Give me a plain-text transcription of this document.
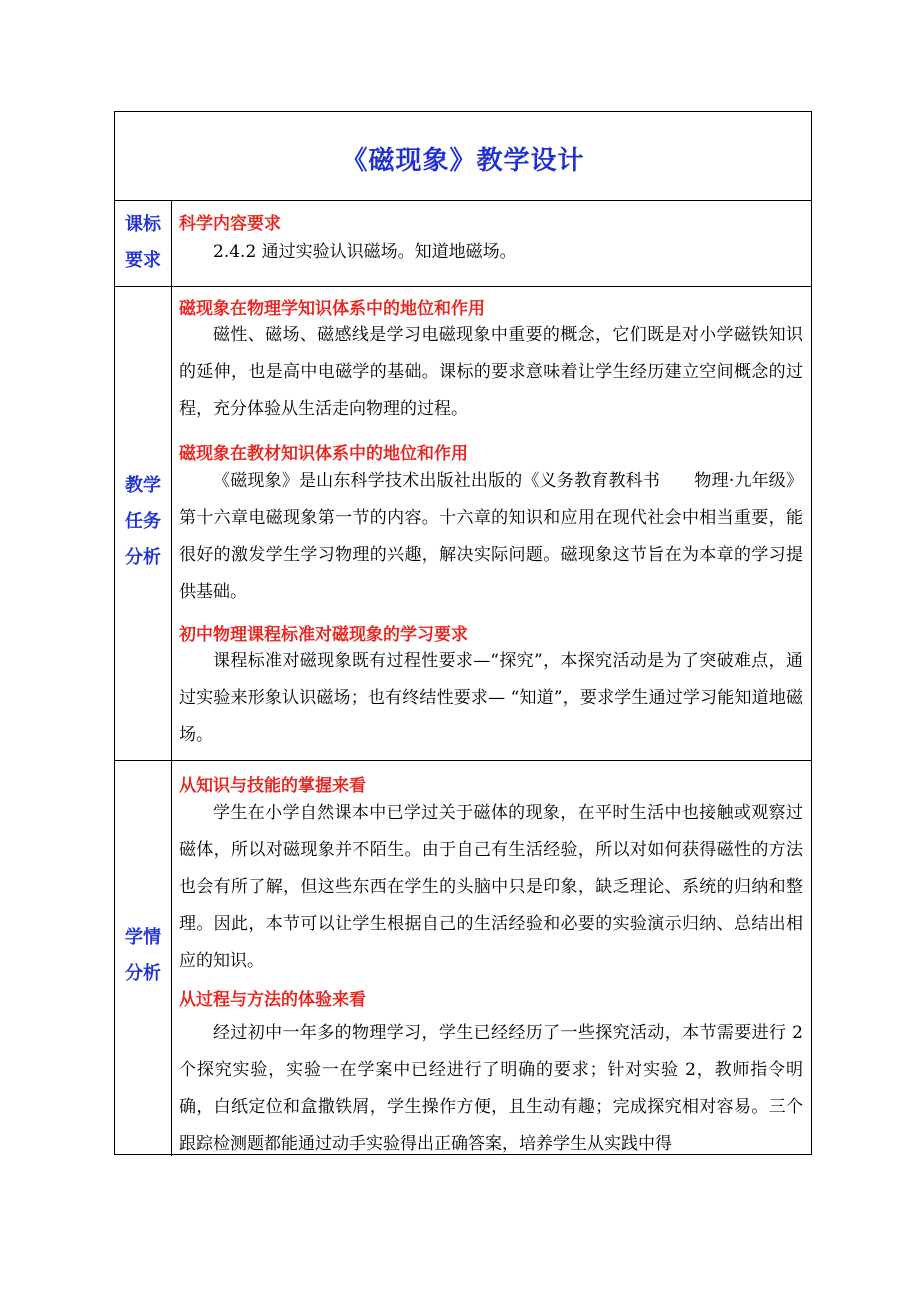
《磁现象》教学设计
课标
要求
科学内容要求
2.4.2 通过实验认识磁场。知道地磁场。
教学
任务
分析
磁现象在物理学知识体系中的地位和作用
磁性、磁场、磁感线是学习电磁现象中重要的概念，它们既是对小学磁铁知识的延伸，也是高中电磁学的基础。课标的要求意味着让学生经历建立空间概念的过程，充分体验从生活走向物理的过程。
磁现象在教材知识体系中的地位和作用
《磁现象》是山东科学技术出版社出版的《义务教育教科书　　物理·九年级》第十六章电磁现象第一节的内容。十六章的知识和应用在现代社会中相当重要，能很好的激发学生学习物理的兴趣，解决实际问题。磁现象这节旨在为本章的学习提供基础。
初中物理课程标准对磁现象的学习要求
课程标准对磁现象既有过程性要求—“探究”，本探究活动是为了突破难点，通过实验来形象认识磁场；也有终结性要求— “知道”，要求学生通过学习能知道地磁场。
学情
分析
从知识与技能的掌握来看
学生在小学自然课本中已学过关于磁体的现象，在平时生活中也接触或观察过磁体，所以对磁现象并不陌生。由于自己有生活经验，所以对如何获得磁性的方法也会有所了解，但这些东西在学生的头脑中只是印象，缺乏理论、系统的归纳和整理。因此，本节可以让学生根据自己的生活经验和必要的实验演示归纳、总结出相应的知识。
从过程与方法的体验来看
经过初中一年多的物理学习，学生已经经历了一些探究活动，本节需要进行 2 个探究实验，实验一在学案中已经进行了明确的要求；针对实验 2，教师指令明确，白纸定位和盒撒铁屑，学生操作方便，且生动有趣；完成探究相对容易。三个跟踪检测题都能通过动手实验得出正确答案，培养学生从实践中得
